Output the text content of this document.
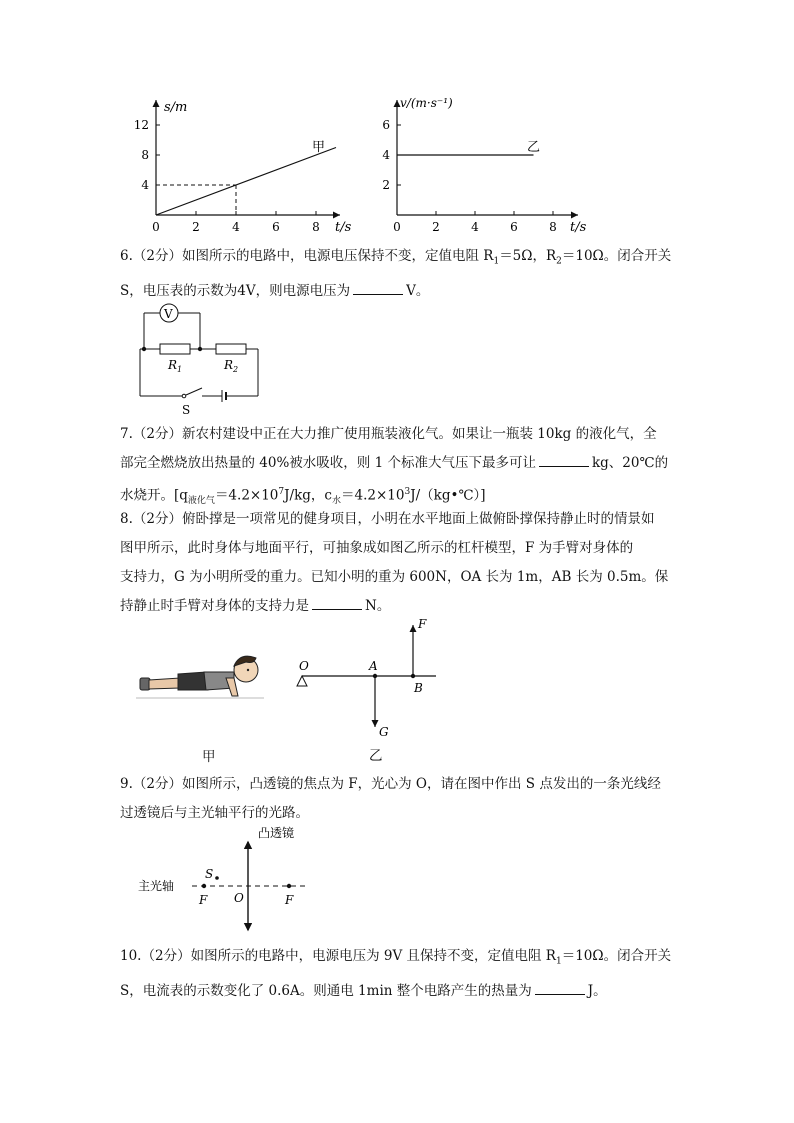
s/m
t/s
12
8
4
0	2	4	6	8
甲
v/(m·s⁻¹)
t/s
6
4
2
0	2	4	6	8
乙
6.（2分）如图所示的电路中，电源电压保持不变，定值电阻 $R_1=5\Omega$，$R_2=10\Omega$。闭合开关
S，电压表的示数为4V，则电源电压为	V。
V
$R_1$	$R_2$
S
7.（2分）新农村建设中正在大力推广使用瓶装液化气。如果让一瓶装 10kg 的液化气，全
部完全燃烧放出热量的 40%被水吸收，则 1 个标准大气压下最多可让	kg、20℃的
水烧开。[$q_{液化气}=4.2\times 10^7J/kg$，$c_水=4.2\times 10^3J/(kg•℃)$]
8.（2分）俯卧撑是一项常见的健身项目，小明在水平地面上做俯卧撑保持静止时的情景如
图甲所示，此时身体与地面平行，可抽象成如图乙所示的杠杆模型，F 为手臂对身体的
支持力，G 为小明所受的重力。已知小明的重为 600N，OA 长为 1m，AB 长为 0.5m。保
持静止时手臂对身体的支持力是	N。
甲
O	A
B
F
G
乙
9.（2分）如图所示，凸透镜的焦点为 F，光心为 O，请在图中作出 S 点发出的一条光线经
过透镜后与主光轴平行的光路。
凸透镜
主光轴
S
F O	F
10.（2分）如图所示的电路中，电源电压为 9V 且保持不变，定值电阻 $R_1=10\Omega$。闭合开关
S，电流表的示数变化了 0.6A。则通电 1min 整个电路产生的热量为	J。
